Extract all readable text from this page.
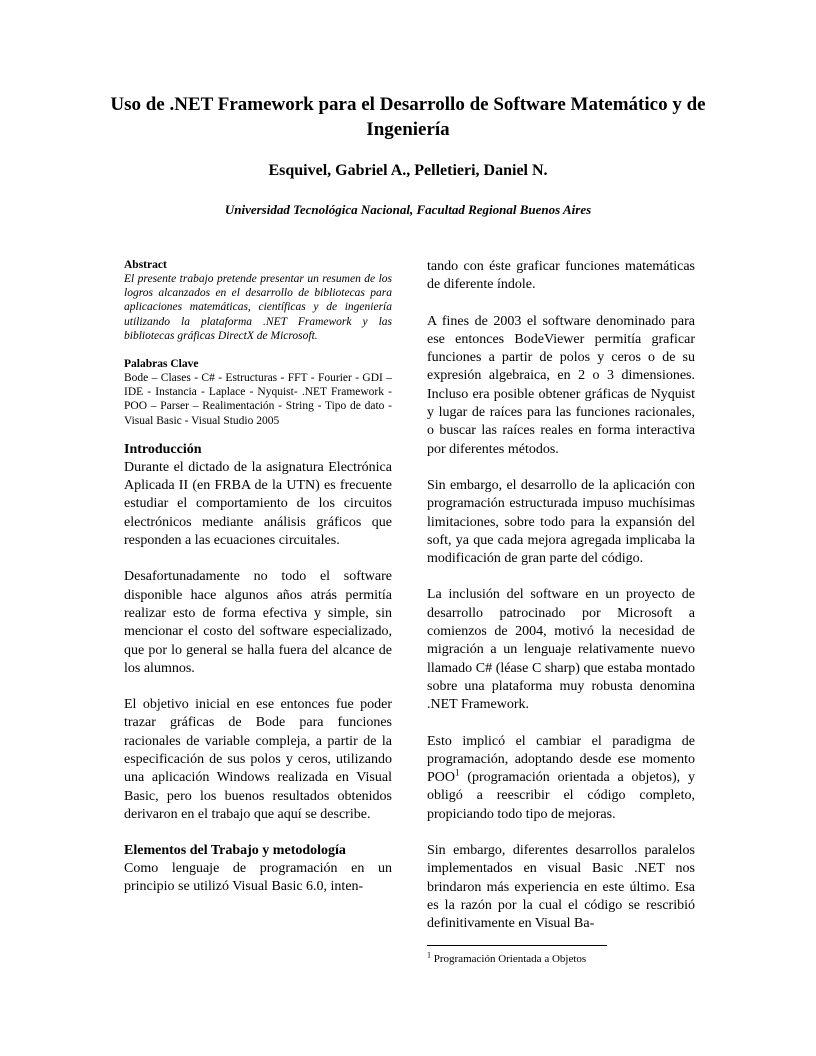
Uso de .NET Framework para el Desarrollo de Software Matemático y de Ingeniería
Esquivel, Gabriel A., Pelletieri, Daniel N.
Universidad Tecnológica Nacional, Facultad Regional Buenos Aires
Abstract

El presente trabajo pretende presentar un resumen de los logros alcanzados en el desarrollo de bibliotecas para aplicaciones matemáticas, científicas y de ingeniería utilizando la plataforma .NET Framework y las bibliotecas gráficas DirectX de Microsoft.

Palabras Clave

Bode – Clases - C# - Estructuras - FFT - Fourier - GDI – IDE - Instancia - Laplace - Nyquist- .NET Framework - POO – Parser – Realimentación - String - Tipo de dato - Visual Basic - Visual Studio 2005

Introducción

Durante el dictado de la asignatura Electrónica Aplicada II (en FRBA de la UTN) es frecuente estudiar el comportamiento de los circuitos electrónicos mediante análisis gráficos que responden a las ecuaciones circuitales.

Desafortunadamente no todo el software disponible hace algunos años atrás permitía realizar esto de forma efectiva y simple, sin mencionar el costo del software especializado, que por lo general se halla fuera del alcance de los alumnos.

El objetivo inicial en ese entonces fue poder trazar gráficas de Bode para funciones racionales de variable compleja, a partir de la especificación de sus polos y ceros, utilizando una aplicación Windows realizada en Visual Basic, pero los buenos resultados obtenidos derivaron en el trabajo que aquí se describe.

Elementos del Trabajo y metodología

Como lenguaje de programación en un principio se utilizó Visual Basic 6.0, inten-

tando con éste graficar funciones matemáticas de diferente índole.

A fines de 2003 el software denominado para ese entonces BodeViewer permitía graficar funciones a partir de polos y ceros o de su expresión algebraica, en 2 o 3 dimensiones. Incluso era posible obtener gráficas de Nyquist y lugar de raíces para las funciones racionales, o buscar las raíces reales en forma interactiva por diferentes métodos.

Sin embargo, el desarrollo de la aplicación con programación estructurada impuso muchísimas limitaciones, sobre todo para la expansión del soft, ya que cada mejora agregada implicaba la modificación de gran parte del código.

La inclusión del software en un proyecto de desarrollo patrocinado por Microsoft a comienzos de 2004, motivó la necesidad de migración a un lenguaje relativamente nuevo llamado C# (léase C sharp) que estaba montado sobre una plataforma muy robusta denomina .NET Framework.

Esto implicó el cambiar el paradigma de programación, adoptando desde ese momento POO$^1$ (programación orientada a objetos), y obligó a reescribir el código completo, propiciando todo tipo de mejoras.

Sin embargo, diferentes desarrollos paralelos implementados en visual Basic .NET nos brindaron más experiencia en este último. Esa es la razón por la cual el código se rescribió definitivamente en Visual Ba-

$^1$ Programación Orientada a Objetos
